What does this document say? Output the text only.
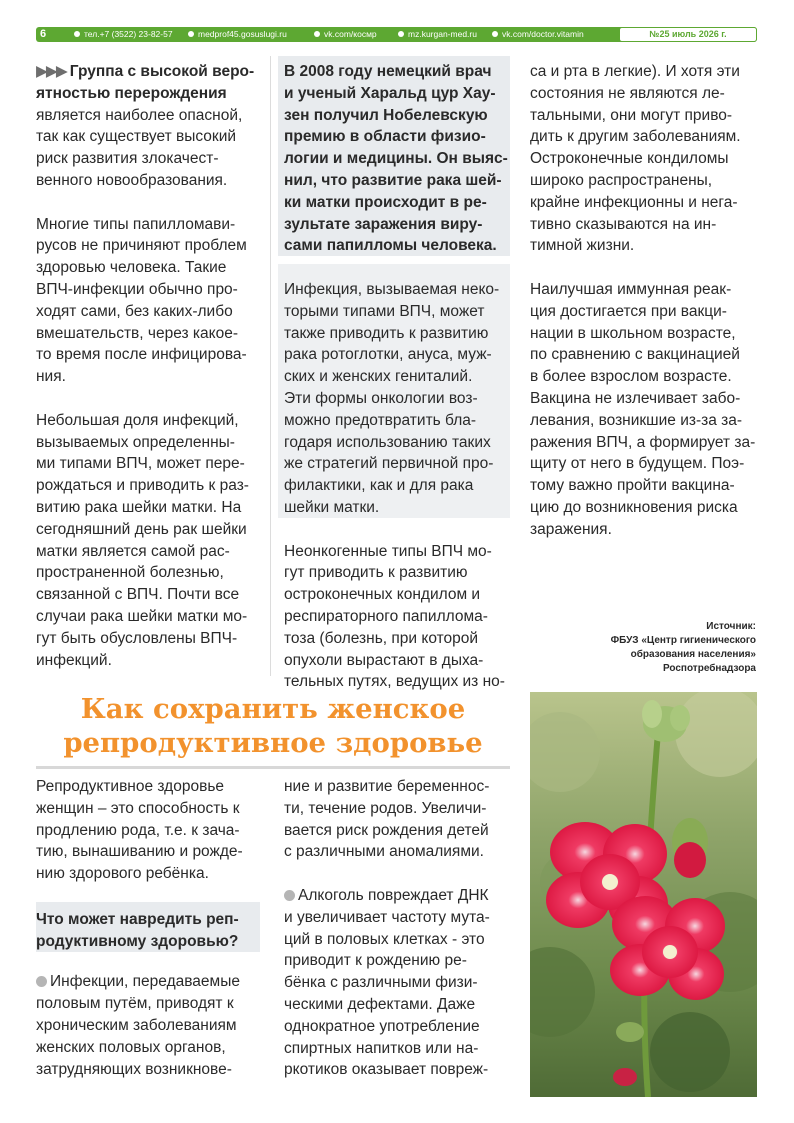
6	тел.+7 (3522) 23-82-57	medprof45.gosuslugi.ru	vk.com/космр	mz.kurgan-med.ru	vk.com/doctor.vitamin	№25 июль 2026 г.

▶▶▶ Группа с высокой веро-

ятностью перерождения

является наиболее опасной,
так как существует высокий
риск развития злокачест-
венного новообразования.
Многие типы папилломави-
русов не причиняют проблем
здоровью человека. Такие
ВПЧ-инфекции обычно про-
ходят сами, без каких-либо
вмешательств, через какое-
то время после инфицирова-
ния.
Небольшая доля инфекций,
вызываемых определенны-
ми типами ВПЧ, может пере-
рождаться и приводить к раз-
витию рака шейки матки. На
сегодняшний день рак шейки
матки является самой рас-
пространенной болезнью,
связанной с ВПЧ. Почти все
случаи рака шейки матки мо-
гут быть обусловлены ВПЧ-
инфекций.
В 2008 году немецкий врач
и ученый Харальд цур Хау-
зен получил Нобелевскую
премию в области физио-
логии и медицины. Он выяс-
нил, что развитие рака шей-
ки матки происходит в ре-
зультате заражения виру-
сами папилломы человека.
Инфекция, вызываемая неко-
торыми типами ВПЧ, может
также приводить к развитию
рака ротоглотки, ануса, муж-
ских и женских гениталий.
Эти формы онкологии воз-
можно предотвратить бла-
годаря использованию таких
же стратегий первичной про-
филактики, как и для рака
шейки матки.
Неонкогенные типы ВПЧ мо-
гут приводить к развитию
остроконечных кондилом и
респираторного папиллома-
тоза (болезнь, при которой
опухоли вырастают в дыха-
тельных путях, ведущих из но-
са и рта в легкие). И хотя эти
состояния не являются ле-
тальными, они могут приво-
дить к другим заболеваниям.
Остроконечные кондиломы
широко распространены,
крайне инфекционны и нега-
тивно сказываются на ин-
тимной жизни.
Наилучшая иммунная реак-
ция достигается при вакци-
нации в школьном возрасте,
по сравнению с вакцинацией
в более взрослом возрасте.
Вакцина не излечивает забо-
левания, возникшие из-за за-
ражения ВПЧ, а формирует за-
щиту от него в будущем. Поэ-
тому важно пройти вакцина-
цию до возникновения риска
заражения.
Источник:
ФБУЗ «Центр гигиенического
образования населения»
Роспотребнадзора
Как сохранить женское
репродуктивное здоровье
Репродуктивное здоровье
женщин – это способность к
продлению рода, т.е. к зача-
тию, вынашиванию и рожде-
нию здорового ребёнка.
Что может навредить реп-
родуктивному здоровью?
Инфекции, передаваемые
половым путём, приводят к
хроническим заболеваниям
женских половых органов,
затрудняющих возникнове-
ние и развитие беременнос-
ти, течение родов. Увеличи-
вается риск рождения детей
с различными аномалиями.
Алкоголь повреждает ДНК
и увеличивает частоту мута-
ций в половых клетках - это
приводит к рождению ре-
бёнка с различными физи-
ческими дефектами. Даже
однократное употребление
спиртных напитков или на-
ркотиков оказывает повреж-
